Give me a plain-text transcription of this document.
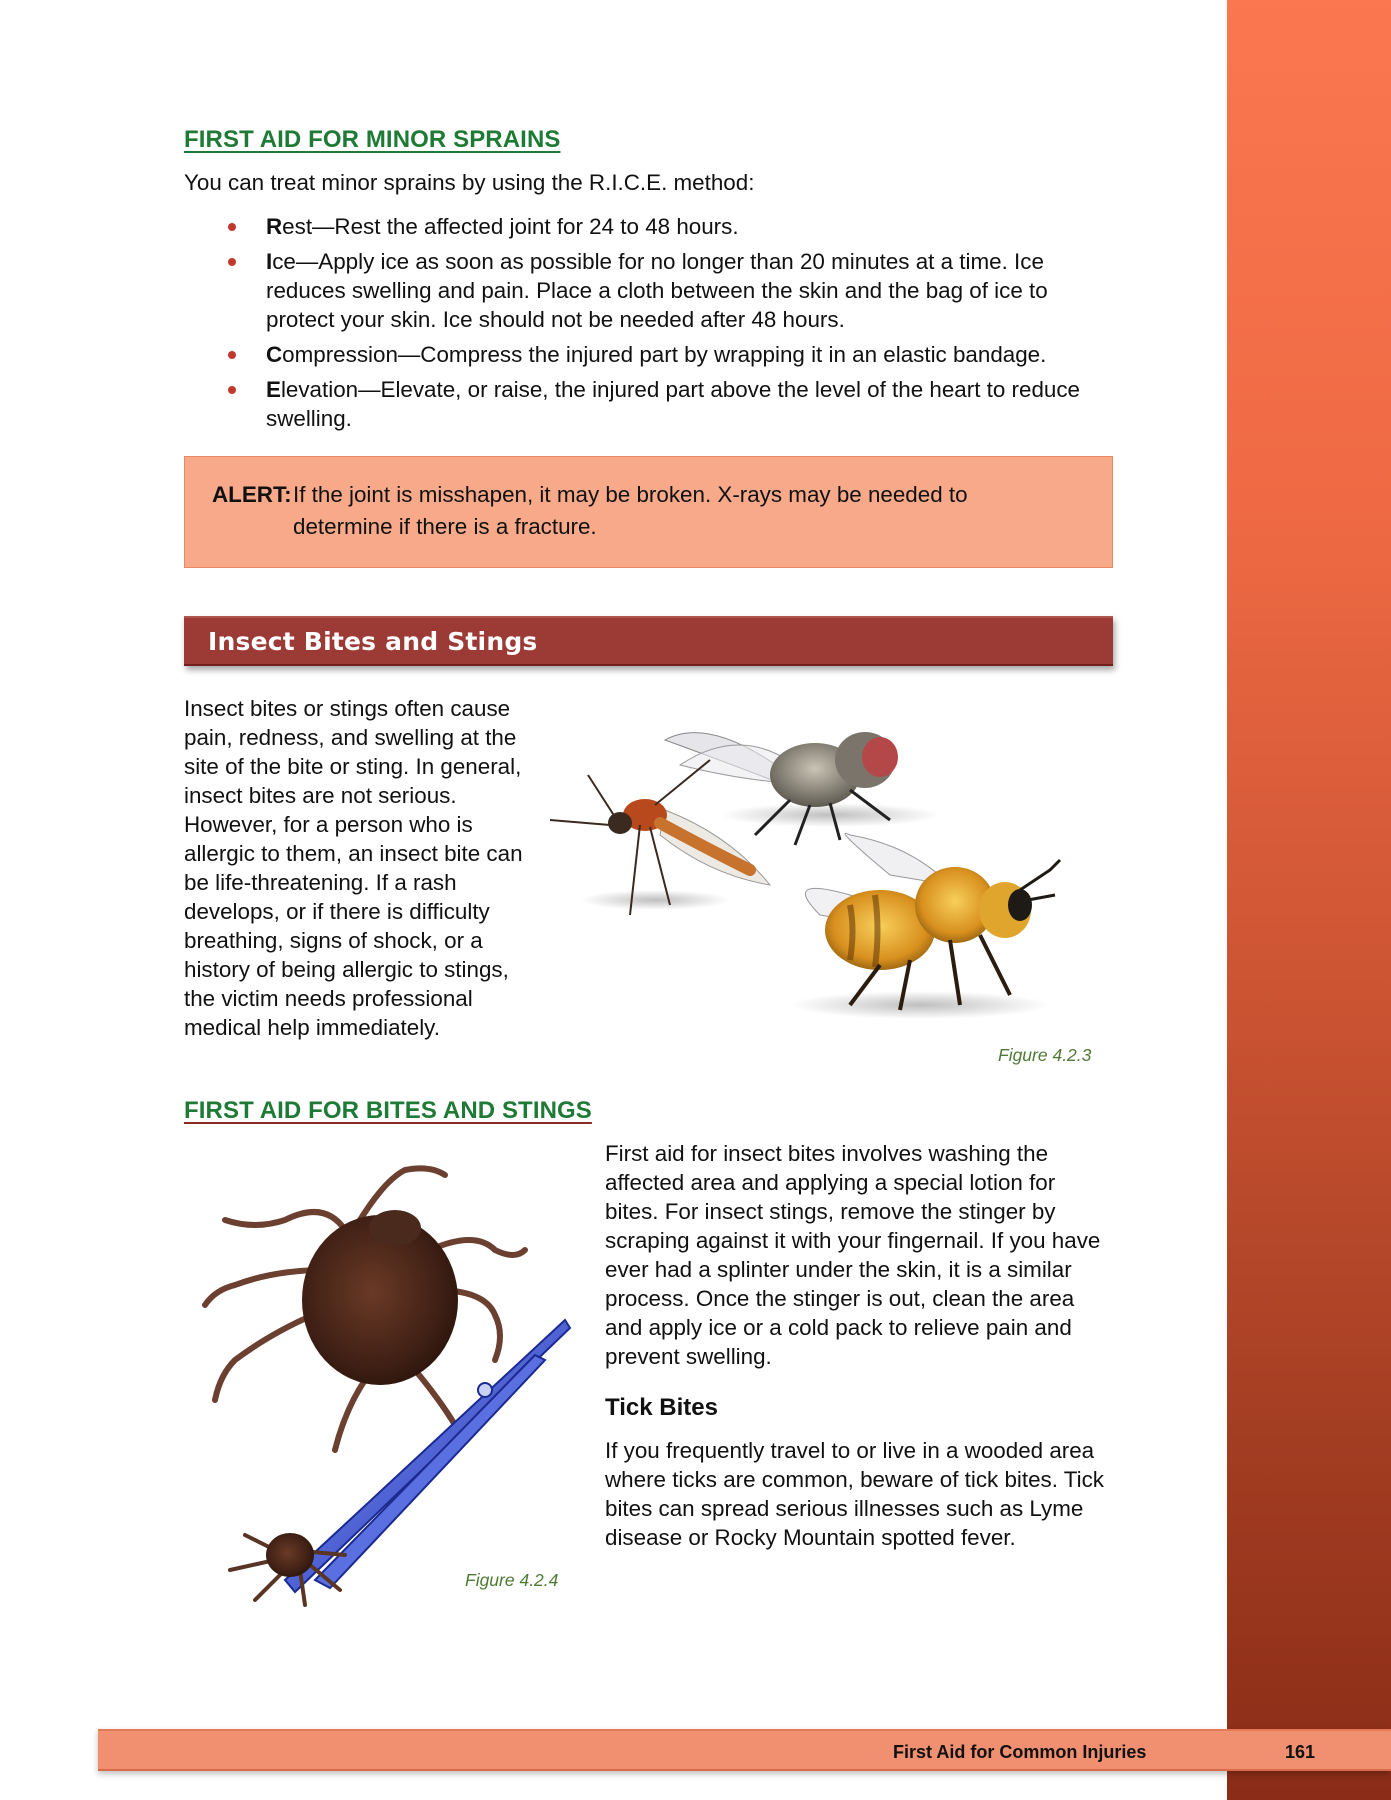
FIRST AID FOR MINOR SPRAINS
You can treat minor sprains by using the R.I.C.E. method:
Rest—Rest the affected joint for 24 to 48 hours.
Ice—Apply ice as soon as possible for no longer than 20 minutes at a time. Ice reduces swelling and pain. Place a cloth between the skin and the bag of ice to protect your skin. Ice should not be needed after 48 hours.
Compression—Compress the injured part by wrapping it in an elastic bandage.
Elevation—Elevate, or raise, the injured part above the level of the heart to reduce swelling.
ALERT: If the joint is misshapen, it may be broken. X-rays may be needed to determine if there is a fracture.
Insect Bites and Stings
Insect bites or stings often cause pain, redness, and swelling at the site of the bite or sting. In general, insect bites are not serious. However, for a person who is allergic to them, an insect bite can be life-threatening. If a rash develops, or if there is difficulty breathing, signs of shock, or a history of being allergic to stings, the victim needs professional medical help immediately.
Figure 4.2.3
FIRST AID FOR BITES AND STINGS
First aid for insect bites involves washing the affected area and applying a special lotion for bites. For insect stings, remove the stinger by scraping against it with your fingernail. If you have ever had a splinter under the skin, it is a similar process. Once the stinger is out, clean the area and apply ice or a cold pack to relieve pain and prevent swelling.
Figure 4.2.4
Tick Bites
If you frequently travel to or live in a wooded area where ticks are common, beware of tick bites. Tick bites can spread serious illnesses such as Lyme disease or Rocky Mountain spotted fever.
First Aid for Common Injuries	161
